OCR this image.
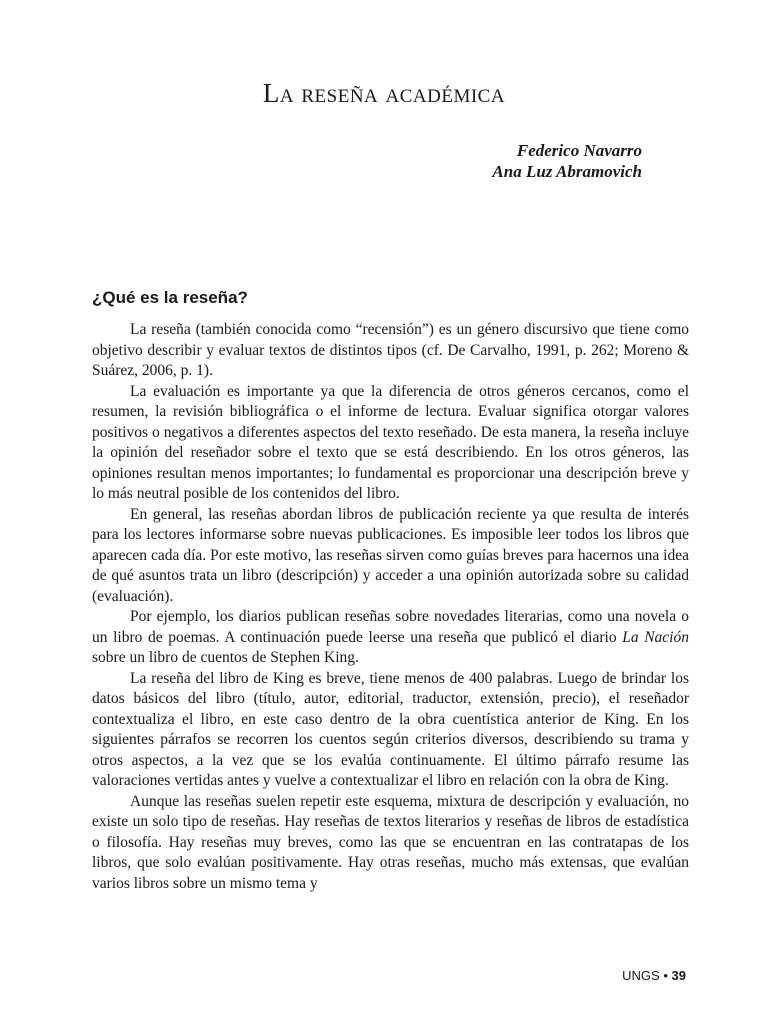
La reseña académica
Federico Navarro
Ana Luz Abramovich
¿Qué es la reseña?

La reseña (también conocida como “recensión”) es un género discursivo que tiene como objetivo describir y evaluar textos de distintos tipos (cf. De Carvalho, 1991, p. 262; Moreno & Suárez, 2006, p. 1).

La evaluación es importante ya que la diferencia de otros géneros cercanos, como el resumen, la revisión bibliográfica o el informe de lectura. Evaluar significa otorgar valores positivos o negativos a diferentes aspectos del texto reseñado. De esta manera, la reseña incluye la opinión del reseñador sobre el texto que se está describiendo. En los otros géneros, las opiniones resultan menos importantes; lo fundamental es proporcionar una descripción breve y lo más neutral posible de los contenidos del libro.

En general, las reseñas abordan libros de publicación reciente ya que resulta de interés para los lectores informarse sobre nuevas publicaciones. Es imposible leer todos los libros que aparecen cada día. Por este motivo, las reseñas sirven como guías breves para hacernos una idea de qué asuntos trata un libro (descripción) y acceder a una opinión autorizada sobre su calidad (evaluación).

Por ejemplo, los diarios publican reseñas sobre novedades literarias, como una novela o un libro de poemas. A continuación puede leerse una reseña que publicó el diario La Nación sobre un libro de cuentos de Stephen King.

La reseña del libro de King es breve, tiene menos de 400 palabras. Luego de brindar los datos básicos del libro (título, autor, editorial, traductor, extensión, precio), el reseñador contextualiza el libro, en este caso dentro de la obra cuentística anterior de King. En los siguientes párrafos se recorren los cuentos según criterios diversos, describiendo su trama y otros aspectos, a la vez que se los evalúa continuamente. El último párrafo resume las valoraciones vertidas antes y vuelve a contextualizar el libro en relación con la obra de King.

Aunque las reseñas suelen repetir este esquema, mixtura de descripción y evaluación, no existe un solo tipo de reseñas. Hay reseñas de textos literarios y reseñas de libros de estadística o filosofía. Hay reseñas muy breves, como las que se encuentran en las contratapas de los libros, que solo evalúan positivamente. Hay otras reseñas, mucho más extensas, que evalúan varios libros sobre un mismo tema y

UNGS • 39
